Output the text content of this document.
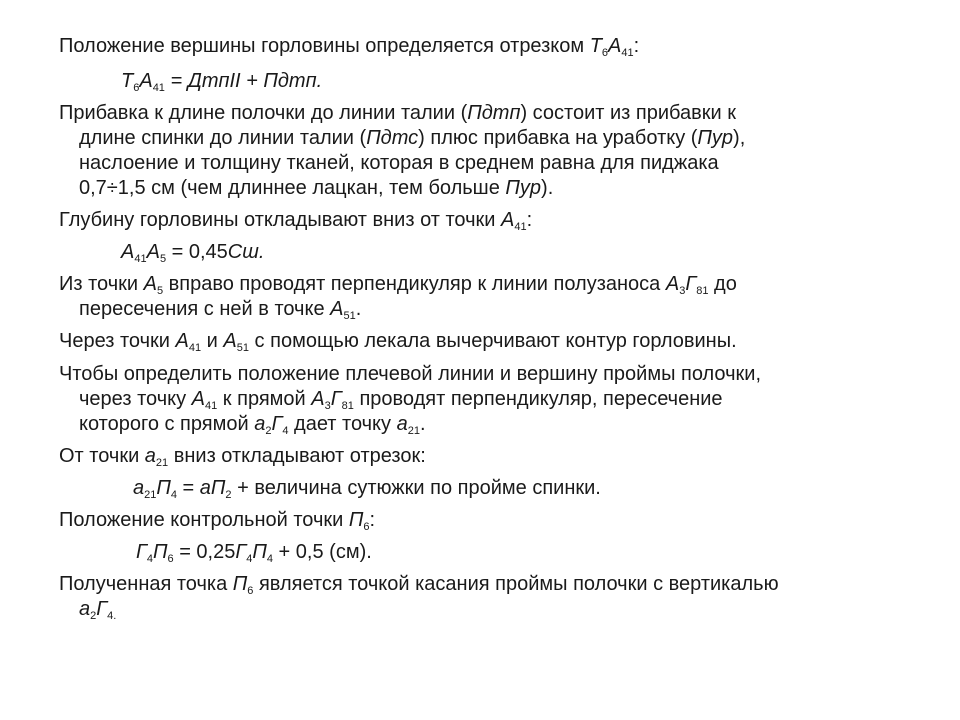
Положение вершины горловины определяется отрезком $Т_6А_{41}$:
$Т_6А_{41}$ = ДтпII + Пдтп.
Прибавка к длине полочки до линии талии (Пдтп) состоит из прибавки к
длине спинки до линии талии (Пдтс) плюс прибавка на уработку (Пур),
наслоение и толщину тканей, которая в среднем равна для пиджака
0,7÷1,5 см (чем длиннее лацкан, тем больше Пур).
Глубину горловины откладывают вниз от точки $А_{41}$:
$А_{41}А_5 = 0,45Сш$.
Из точки $А_5$ вправо проводят перпендикуляр к линии полузаноса $А_3Г_{81}$ до
пересечения с ней в точке $А_{51}$.
Через точки $А_{41}$ и $А_{51}$ с помощью лекала вычерчивают контур горловины.
Чтобы определить положение плечевой линии и вершину проймы полочки,
через точку $А_{41}$ к прямой $А_3Г_{81}$ проводят перпендикуляр, пересечение
которого с прямой $а_2Г_4$ дает точку $а_{21}$.
От точки $а_{21}$ вниз откладывают отрезок:
$а_{21}П_4 = аП_2$ + величина сутюжки по пройме спинки.
Положение контрольной точки $П_6$:
$Г_4П_6 = 0,25Г_4П_4 + 0,5$ (см).
Полученная точка $П_6$ является точкой касания проймы полочки с вертикалью
$а_2Г_{4.}$
